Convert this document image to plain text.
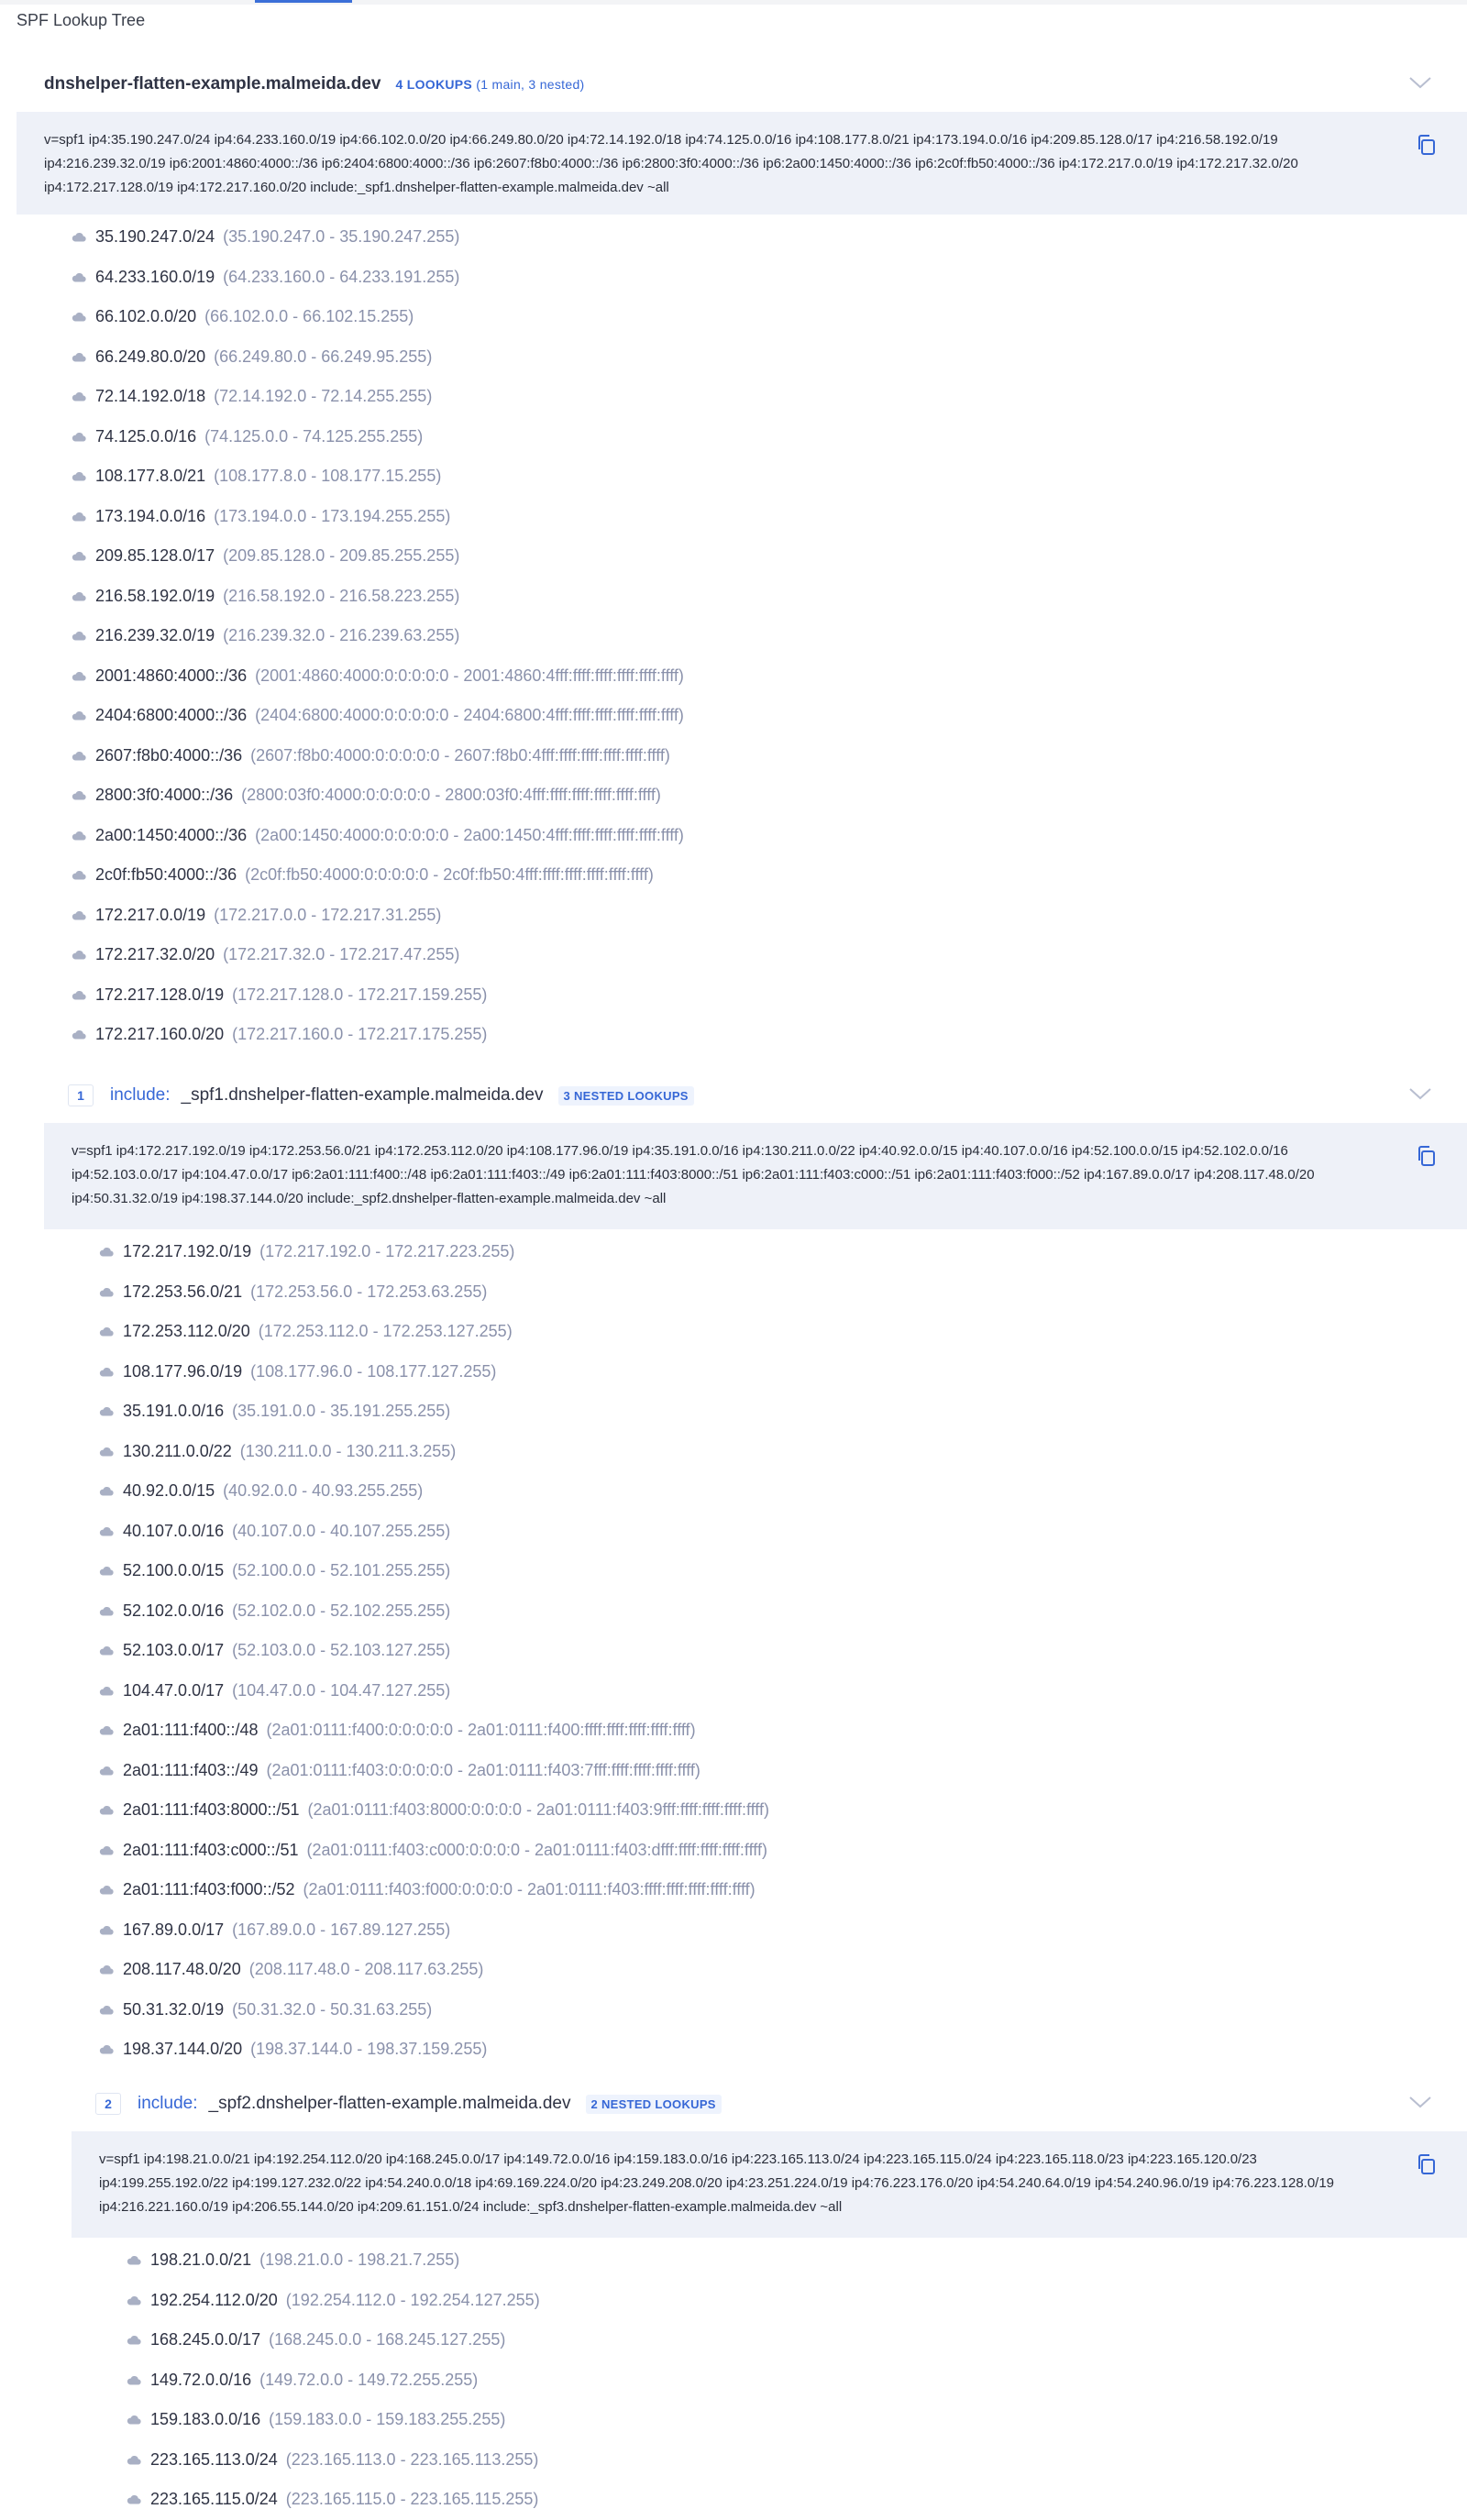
SPF Lookup Tree
dnshelper-flatten-example.malmeida.dev 4 LOOKUPS (1 main, 3 nested)
v=spf1 ip4:35.190.247.0/24 ip4:64.233.160.0/19 ip4:66.102.0.0/20 ip4:66.249.80.0/20 ip4:72.14.192.0/18 ip4:74.125.0.0/16 ip4:108.177.8.0/21 ip4:173.194.0.0/16 ip4:209.85.128.0/17 ip4:216.58.192.0/19 ip4:216.239.32.0/19 ip6:2001:4860:4000::/36 ip6:2404:6800:4000::/36 ip6:2607:f8b0:4000::/36 ip6:2800:3f0:4000::/36 ip6:2a00:1450:4000::/36 ip6:2c0f:fb50:4000::/36 ip4:172.217.0.0/19 ip4:172.217.32.0/20 ip4:172.217.128.0/19 ip4:172.217.160.0/20 include:_spf1.dnshelper-flatten-example.malmeida.dev ~all
35.190.247.0/24 (35.190.247.0 - 35.190.247.255)
64.233.160.0/19 (64.233.160.0 - 64.233.191.255)
66.102.0.0/20 (66.102.0.0 - 66.102.15.255)
66.249.80.0/20 (66.249.80.0 - 66.249.95.255)
72.14.192.0/18 (72.14.192.0 - 72.14.255.255)
74.125.0.0/16 (74.125.0.0 - 74.125.255.255)
108.177.8.0/21 (108.177.8.0 - 108.177.15.255)
173.194.0.0/16 (173.194.0.0 - 173.194.255.255)
209.85.128.0/17 (209.85.128.0 - 209.85.255.255)
216.58.192.0/19 (216.58.192.0 - 216.58.223.255)
216.239.32.0/19 (216.239.32.0 - 216.239.63.255)
2001:4860:4000::/36 (2001:4860:4000:0:0:0:0:0 - 2001:4860:4fff:ffff:ffff:ffff:ffff:ffff)
2404:6800:4000::/36 (2404:6800:4000:0:0:0:0:0 - 2404:6800:4fff:ffff:ffff:ffff:ffff:ffff)
2607:f8b0:4000::/36 (2607:f8b0:4000:0:0:0:0:0 - 2607:f8b0:4fff:ffff:ffff:ffff:ffff:ffff)
2800:3f0:4000::/36 (2800:03f0:4000:0:0:0:0:0 - 2800:03f0:4fff:ffff:ffff:ffff:ffff:ffff)
2a00:1450:4000::/36 (2a00:1450:4000:0:0:0:0:0 - 2a00:1450:4fff:ffff:ffff:ffff:ffff:ffff)
2c0f:fb50:4000::/36 (2c0f:fb50:4000:0:0:0:0:0 - 2c0f:fb50:4fff:ffff:ffff:ffff:ffff:ffff)
172.217.0.0/19 (172.217.0.0 - 172.217.31.255)
172.217.32.0/20 (172.217.32.0 - 172.217.47.255)
172.217.128.0/19 (172.217.128.0 - 172.217.159.255)
172.217.160.0/20 (172.217.160.0 - 172.217.175.255)
1	include: _spf1.dnshelper-flatten-example.malmeida.dev	3 NESTED LOOKUPS
v=spf1 ip4:172.217.192.0/19 ip4:172.253.56.0/21 ip4:172.253.112.0/20 ip4:108.177.96.0/19 ip4:35.191.0.0/16 ip4:130.211.0.0/22 ip4:40.92.0.0/15 ip4:40.107.0.0/16 ip4:52.100.0.0/15 ip4:52.102.0.0/16 ip4:52.103.0.0/17 ip4:104.47.0.0/17 ip6:2a01:111:f400::/48 ip6:2a01:111:f403::/49 ip6:2a01:111:f403:8000::/51 ip6:2a01:111:f403:c000::/51 ip6:2a01:111:f403:f000::/52 ip4:167.89.0.0/17 ip4:208.117.48.0/20 ip4:50.31.32.0/19 ip4:198.37.144.0/20 include:_spf2.dnshelper-flatten-example.malmeida.dev ~all
172.217.192.0/19 (172.217.192.0 - 172.217.223.255)
172.253.56.0/21 (172.253.56.0 - 172.253.63.255)
172.253.112.0/20 (172.253.112.0 - 172.253.127.255)
108.177.96.0/19 (108.177.96.0 - 108.177.127.255)
35.191.0.0/16 (35.191.0.0 - 35.191.255.255)
130.211.0.0/22 (130.211.0.0 - 130.211.3.255)
40.92.0.0/15 (40.92.0.0 - 40.93.255.255)
40.107.0.0/16 (40.107.0.0 - 40.107.255.255)
52.100.0.0/15 (52.100.0.0 - 52.101.255.255)
52.102.0.0/16 (52.102.0.0 - 52.102.255.255)
52.103.0.0/17 (52.103.0.0 - 52.103.127.255)
104.47.0.0/17 (104.47.0.0 - 104.47.127.255)
2a01:111:f400::/48 (2a01:0111:f400:0:0:0:0:0 - 2a01:0111:f400:ffff:ffff:ffff:ffff:ffff)
2a01:111:f403::/49 (2a01:0111:f403:0:0:0:0:0 - 2a01:0111:f403:7fff:ffff:ffff:ffff:ffff)
2a01:111:f403:8000::/51 (2a01:0111:f403:8000:0:0:0:0 - 2a01:0111:f403:9fff:ffff:ffff:ffff:ffff)
2a01:111:f403:c000::/51 (2a01:0111:f403:c000:0:0:0:0 - 2a01:0111:f403:dfff:ffff:ffff:ffff:ffff)
2a01:111:f403:f000::/52 (2a01:0111:f403:f000:0:0:0:0 - 2a01:0111:f403:ffff:ffff:ffff:ffff:ffff)
167.89.0.0/17 (167.89.0.0 - 167.89.127.255)
208.117.48.0/20 (208.117.48.0 - 208.117.63.255)
50.31.32.0/19 (50.31.32.0 - 50.31.63.255)
198.37.144.0/20 (198.37.144.0 - 198.37.159.255)
2	include: _spf2.dnshelper-flatten-example.malmeida.dev	2 NESTED LOOKUPS
v=spf1 ip4:198.21.0.0/21 ip4:192.254.112.0/20 ip4:168.245.0.0/17 ip4:149.72.0.0/16 ip4:159.183.0.0/16 ip4:223.165.113.0/24 ip4:223.165.115.0/24 ip4:223.165.118.0/23 ip4:223.165.120.0/23 ip4:199.255.192.0/22 ip4:199.127.232.0/22 ip4:54.240.0.0/18 ip4:69.169.224.0/20 ip4:23.249.208.0/20 ip4:23.251.224.0/19 ip4:76.223.176.0/20 ip4:54.240.64.0/19 ip4:54.240.96.0/19 ip4:76.223.128.0/19 ip4:216.221.160.0/19 ip4:206.55.144.0/20 ip4:209.61.151.0/24 include:_spf3.dnshelper-flatten-example.malmeida.dev ~all
198.21.0.0/21 (198.21.0.0 - 198.21.7.255)
192.254.112.0/20 (192.254.112.0 - 192.254.127.255)
168.245.0.0/17 (168.245.0.0 - 168.245.127.255)
149.72.0.0/16 (149.72.0.0 - 149.72.255.255)
159.183.0.0/16 (159.183.0.0 - 159.183.255.255)
223.165.113.0/24 (223.165.113.0 - 223.165.113.255)
223.165.115.0/24 (223.165.115.0 - 223.165.115.255)
